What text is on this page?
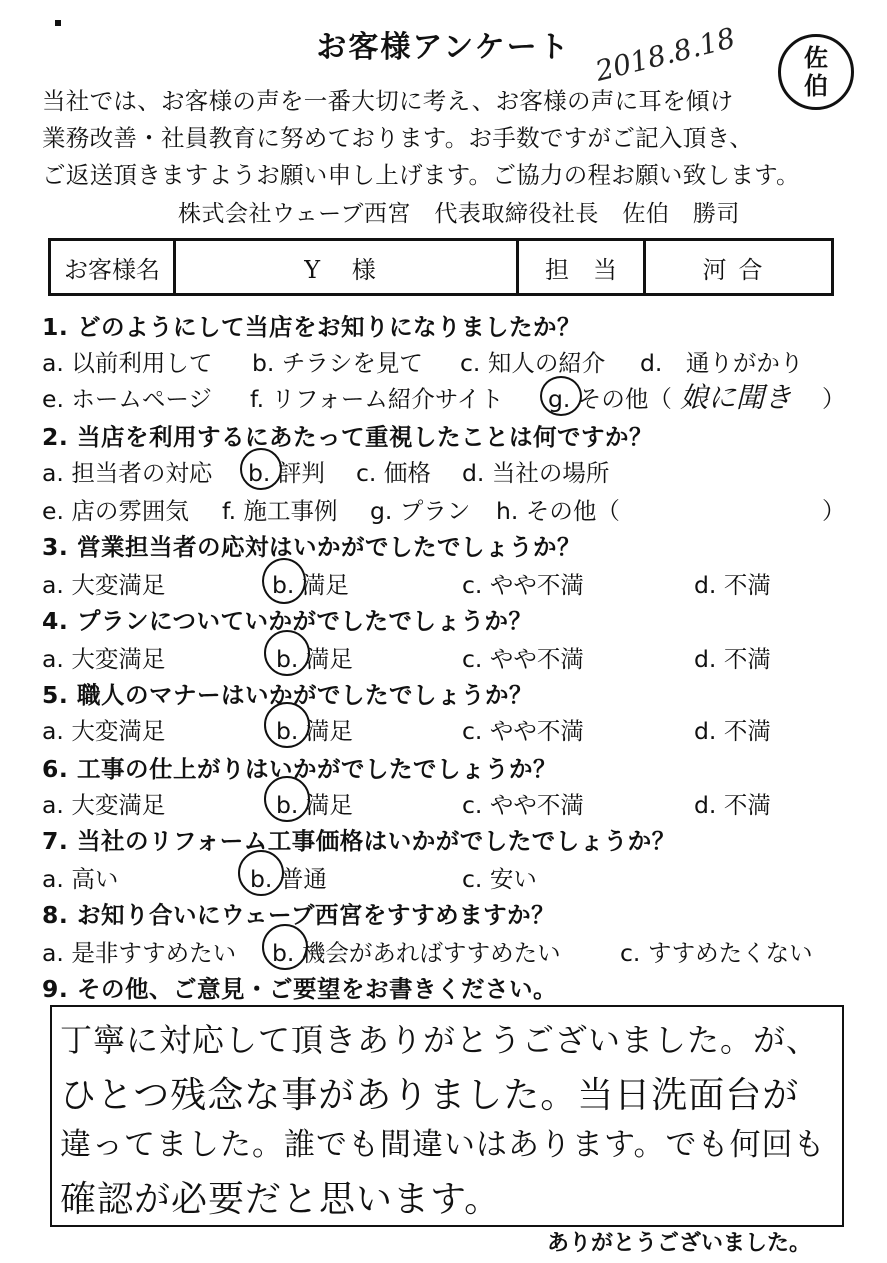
お客様アンケート 2018.8.18	佐
伯
当社では、お客様の声を一番大切に考え、お客様の声に耳を傾け
業務改善・社員教育に努めております。お手数ですがご記入頂き、
ご返送頂きますようお願い申し上げます。ご協力の程お願い致します。
株式会社ウェーブ西宮　代表取締役社長　佐伯　勝司
お客様名	Y 様	担　当	河合
1. どのようにして当店をお知りになりましたか？
a. 以前利用して b. チラシを見て c. 知人の紹介 d.　通りがかり
e. ホームページ f. リフォーム紹介サイト g. その他（ 娘に聞き ）
2. 当店を利用するにあたって重視したことは何ですか？
a. 担当者の対応 b. 評判 c. 価格 d. 当社の場所
e. 店の雰囲気 f. 施工事例 g. プラン h. その他（	）
3. 営業担当者の応対はいかがでしたでしょうか？
a. 大変満足	b. 満足	c. やや不満	d. 不満
4. プランについていかがでしたでしょうか？
a. 大変満足	b. 満足	c. やや不満	d. 不満
5. 職人のマナーはいかがでしたでしょうか？
a. 大変満足	b. 満足	c. やや不満	d. 不満
6. 工事の仕上がりはいかがでしたでしょうか？
a. 大変満足	b. 満足	c. やや不満	d. 不満
7. 当社のリフォーム工事価格はいかがでしたでしょうか？
a. 高い	b. 普通	c. 安い
8. お知り合いにウェーブ西宮をすすめますか？
a. 是非すすめたい b. 機会があればすすめたい	c. すすめたくない
9. その他、ご意見・ご要望をお書きください。
丁寧に対応して頂きありがとうございました。が、
ひとつ残念な事がありました。当日洗面台が
違ってました。誰でも間違いはあります。でも何回も
確認が必要だと思います。
ありがとうございました。
